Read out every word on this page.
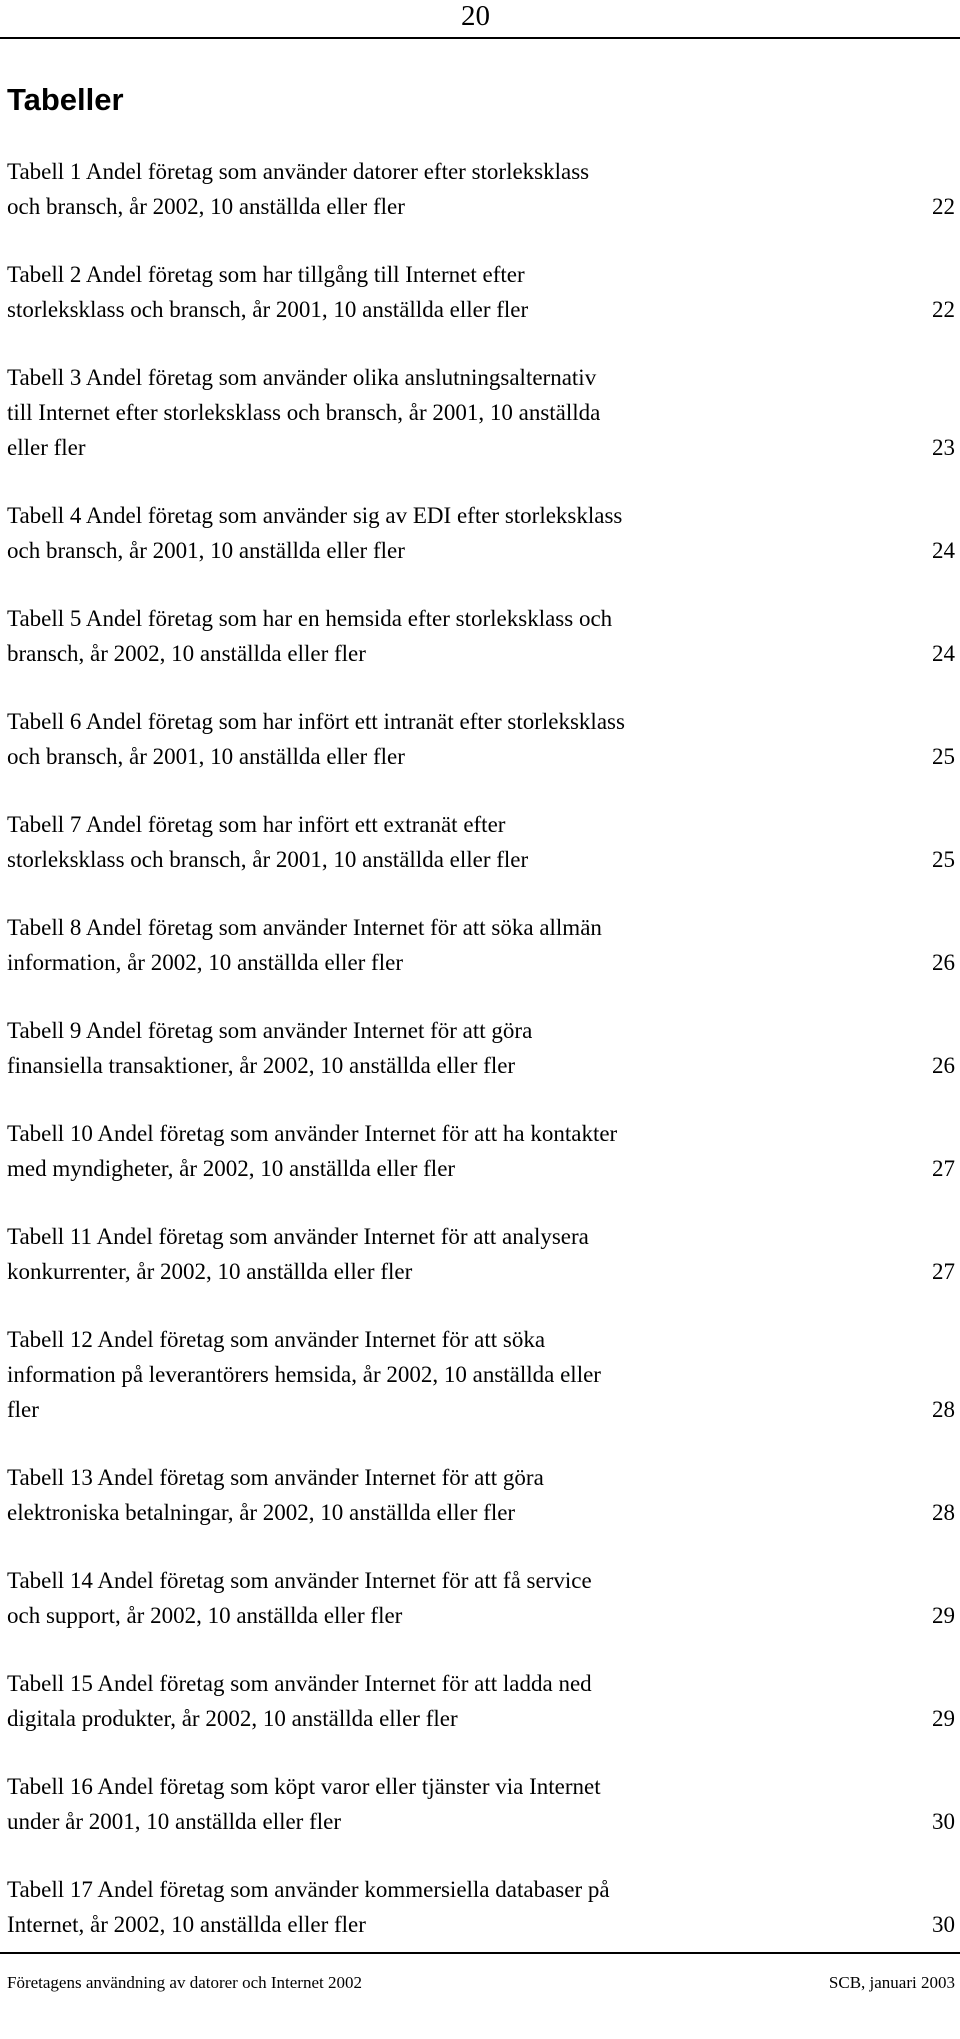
20
Tabeller
Tabell 1 Andel företag som använder datorer efter storleksklass
och bransch, år 2002, 10 anställda eller fler	22
Tabell 2 Andel företag som har tillgång till Internet efter
storleksklass och bransch, år 2001, 10 anställda eller fler	22
Tabell 3 Andel företag som använder olika anslutningsalternativ
till Internet efter storleksklass och bransch, år 2001, 10 anställda
eller fler	23
Tabell 4 Andel företag som använder sig av EDI efter storleksklass
och bransch, år 2001, 10 anställda eller fler	24
Tabell 5 Andel företag som har en hemsida efter storleksklass och
bransch, år 2002, 10 anställda eller fler	24
Tabell 6 Andel företag som har infört ett intranät efter storleksklass
och bransch, år 2001, 10 anställda eller fler	25
Tabell 7 Andel företag som har infört ett extranät efter
storleksklass och bransch, år 2001, 10 anställda eller fler	25
Tabell 8 Andel företag som använder Internet för att söka allmän
information, år 2002, 10 anställda eller fler	26
Tabell 9 Andel företag som använder Internet för att göra
finansiella transaktioner, år 2002, 10 anställda eller fler	26
Tabell 10 Andel företag som använder Internet för att ha kontakter
med myndigheter, år 2002, 10 anställda eller fler	27
Tabell 11 Andel företag som använder Internet för att analysera
konkurrenter, år 2002, 10 anställda eller fler	27
Tabell 12 Andel företag som använder Internet för att söka
information på leverantörers hemsida, år 2002, 10 anställda eller
fler	28
Tabell 13 Andel företag som använder Internet för att göra
elektroniska betalningar, år 2002, 10 anställda eller fler	28
Tabell 14 Andel företag som använder Internet för att få service
och support, år 2002, 10 anställda eller fler	29
Tabell 15 Andel företag som använder Internet för att ladda ned
digitala produkter, år 2002, 10 anställda eller fler	29
Tabell 16 Andel företag som köpt varor eller tjänster via Internet
under år 2001, 10 anställda eller fler	30
Tabell 17 Andel företag som använder kommersiella databaser på
Internet, år 2002, 10 anställda eller fler	30
Företagens användning av datorer och Internet 2002	SCB, januari 2003
